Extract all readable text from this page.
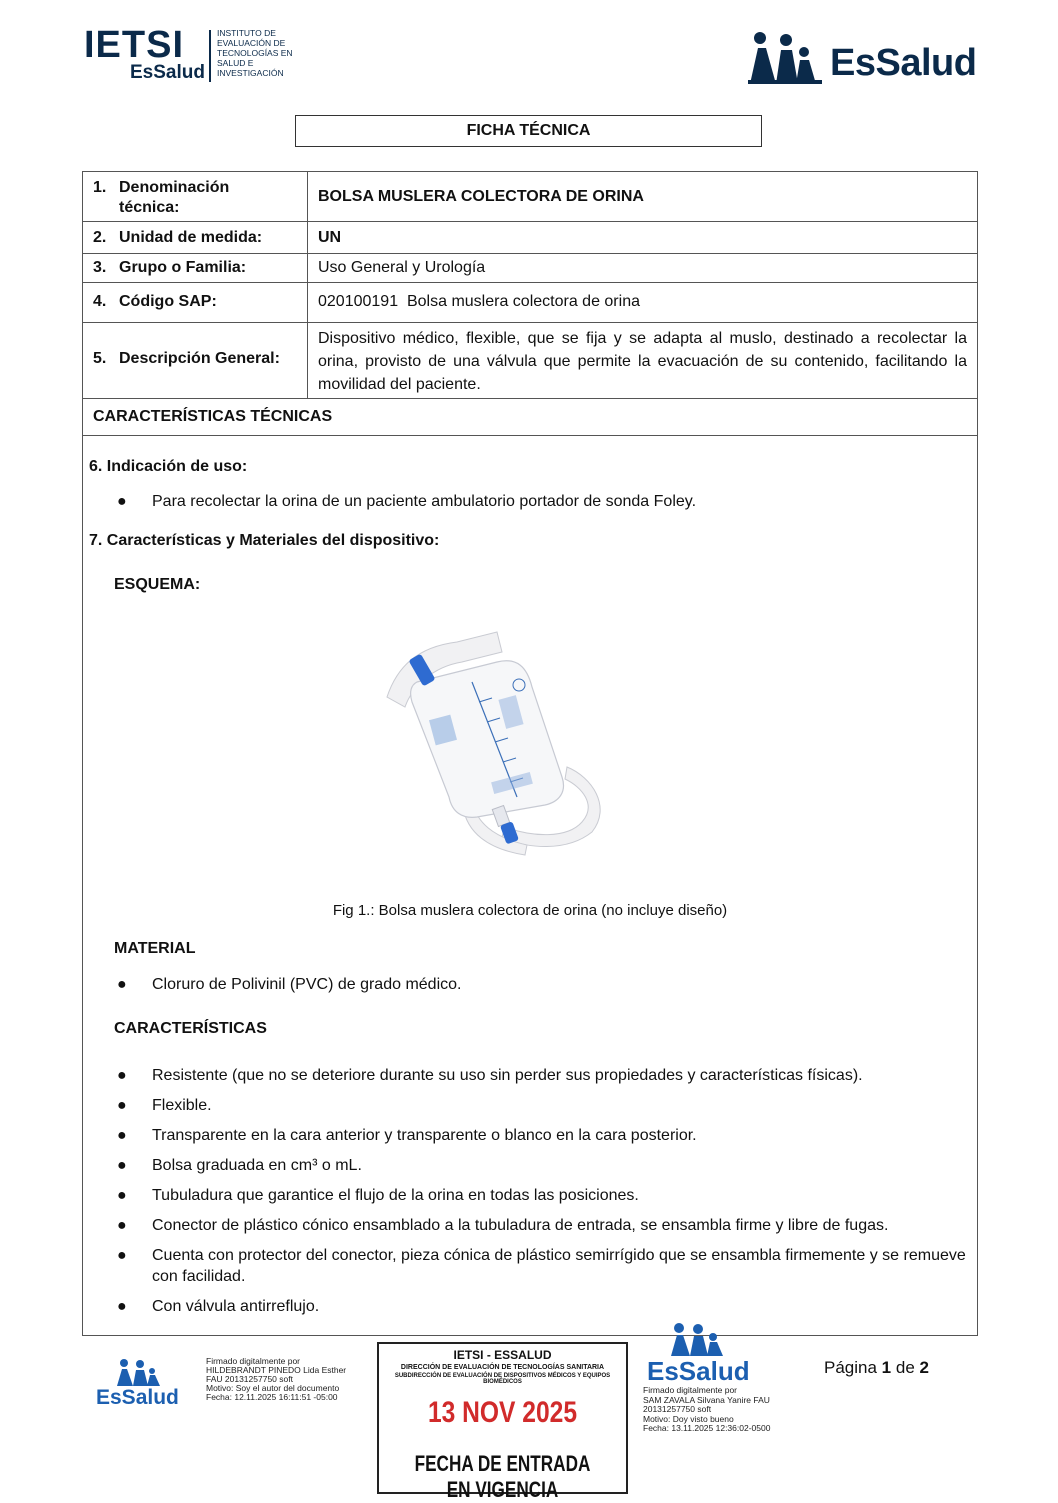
IETSI
EsSalud
INSTITUTO DE
EVALUACIÓN DE
TECNOLOGÍAS EN
SALUD E
INVESTIGACIÓN	EsSalud
FICHA TÉCNICA
1. Denominación
técnica:
BOLSA MUSLERA COLECTORA DE ORINA
2. Unidad de medida:	UN
3. Grupo o Familia:	Uso General y Urología
4. Código SAP:	020100191  Bolsa muslera colectora de orina
5. Descripción General:
Dispositivo médico, flexible, que se fija y se adapta al muslo, destinado a recolectar la orina, provisto de una válvula que permite la evacuación de su contenido, facilitando la movilidad del paciente.
CARACTERÍSTICAS TÉCNICAS
6. Indicación de uso:
● Para recolectar la orina de un paciente ambulatorio portador de sonda Foley.
7. Características y Materiales del dispositivo:
ESQUEMA:
Fig 1.: Bolsa muslera colectora de orina (no incluye diseño)
MATERIAL
● Cloruro de Polivinil (PVC) de grado médico.
CARACTERÍSTICAS
● Resistente (que no se deteriore durante su uso sin perder sus propiedades y características físicas).
● Flexible.
● Transparente en la cara anterior y transparente o blanco en la cara posterior.
● Bolsa graduada en cm³ o mL.
● Tubuladura que garantice el flujo de la orina en todas las posiciones.
● Conector de plástico cónico ensamblado a la tubuladura de entrada, se ensambla firme y libre de fugas.
● Cuenta con protector del conector, pieza cónica de plástico semirrígido que se ensambla firmemente y se remueve con facilidad.
● Con válvula antirreflujo.
EsSalud
Firmado digitalmente por
HILDEBRANDT PINEDO Lida Esther
FAU 20131257750 soft
Motivo: Soy el autor del documento
Fecha: 12.11.2025 16:11:51 -05:00
IETSI - ESSALUD
DIRECCIÓN DE EVALUACIÓN DE TECNOLOGÍAS SANITARIA
SUBDIRECCIÓN DE EVALUACIÓN DE DISPOSITIVOS MÉDICOS Y EQUIPOS BIOMÉDICOS
13 NOV 2025
FECHA DE ENTRADA EN VIGENCIA
EsSalud
Firmado digitalmente por
SAM ZAVALA Silvana Yanire FAU
20131257750 soft
Motivo: Doy visto bueno
Fecha: 13.11.2025 12:36:02-0500
Página 1 de 2
